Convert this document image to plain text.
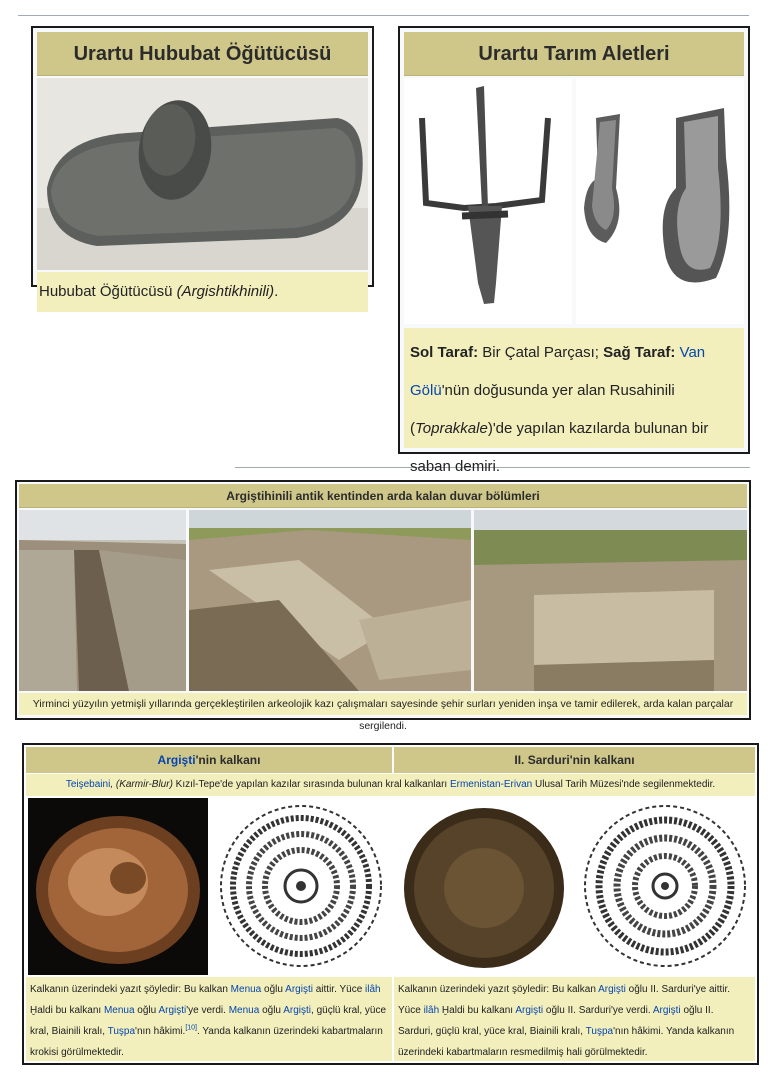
Urartu Hububat Öğütücüsü
Hububat Öğütücüsü (Argishtikhinili).
Urartu Tarım Aletleri
Sol Taraf: Bir Çatal Parçası; Sağ Taraf: Van Gölü'nün doğusunda yer alan Rusahinili (Toprakkale)'de yapılan kazılarda bulunan bir saban demiri.
Argiştihinili antik kentinden arda kalan duvar bölümleri
Yirminci yüzyılın yetmişli yıllarında gerçekleştirilen arkeolojik kazı çalışmaları sayesinde şehir surları yeniden inşa ve tamir edilerek, arda kalan parçalar sergilendi.
Argişti'nin kalkanı	II. Sarduri'nin kalkanı
Teişebaini, (Karmir-Blur) Kızıl-Tepe'de yapılan kazılar sırasında bulunan kral kalkanları Ermenistan-Erivan Ulusal Tarih Müzesi'nde segilenmektedir.
Kalkanın üzerindeki yazıt şöyledir: Bu kalkan Menua oğlu Argişti aittir. Yüce ilâh Ḫaldi bu kalkanı Menua oğlu Argişti'ye verdi. Menua oğlu Argişti, güçlü kral, yüce kral, Biainili kralı, Tuşpa'nın hâkimi.[10]. Yanda kalkanın üzerindeki kabartmaların krokisi görülmektedir.
Kalkanın üzerindeki yazıt şöyledir: Bu kalkan Argişti oğlu II. Sarduri'ye aittir. Yüce ilâh Ḫaldi bu kalkanı Argişti oğlu II. Sarduri'ye verdi. Argişti oğlu II. Sarduri, güçlü kral, yüce kral, Biainili kralı, Tuşpa'nın hâkimi. Yanda kalkanın üzerindeki kabartmaların resmedilmiş hali görülmektedir.
